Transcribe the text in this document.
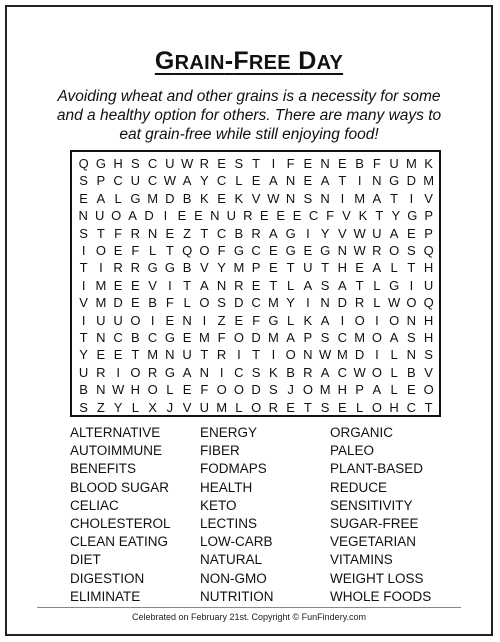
GRAIN-FREE DAY
Avoiding wheat and other grains is a necessity for some and a healthy option for others. There are many ways to eat grain-free while still enjoying food!
Q G H S C U W R E S T I F E N E B F U M K
S P C U C W A Y C L E A N E A T I N G D M
E A L G M D B K E K V W N S N I M A T I V
N U O A D I E E N U R E E E C F V K T Y G P
S T F R N E Z T C B R A G I Y V W U A E P
I O E F L T Q O F G C E G E G N W R O S Q
T I R R G G B V Y M P E T U T H E A L T H
I M E E V I T A N R E T L A S A T L G I U
V M D E B F L O S D C M Y I N D R L W O Q
I U U O I E N I Z E F G L K A I O I O N H
T N C B C G E M F O D M A P S C M O A S H
Y E E T M N U T R I T I O N W M D I L N S
U R I O R G A N I C S K B R A C W O L B V
B N W H O L E F O O D S J O M H P A L E O
S Z Y L X J V U M L O R E T S E L O H C T
ALTERNATIVE
AUTOIMMUNE
BENEFITS
BLOOD SUGAR
CELIAC
CHOLESTEROL
CLEAN EATING
DIET
DIGESTION
ELIMINATE
ENERGY
FIBER
FODMAPS
HEALTH
KETO
LECTINS
LOW-CARB
NATURAL
NON-GMO
NUTRITION
ORGANIC
PALEO
PLANT-BASED
REDUCE
SENSITIVITY
SUGAR-FREE
VEGETARIAN
VITAMINS
WEIGHT LOSS
WHOLE FOODS
Celebrated on February 21st. Copyright © FunFindery.com
